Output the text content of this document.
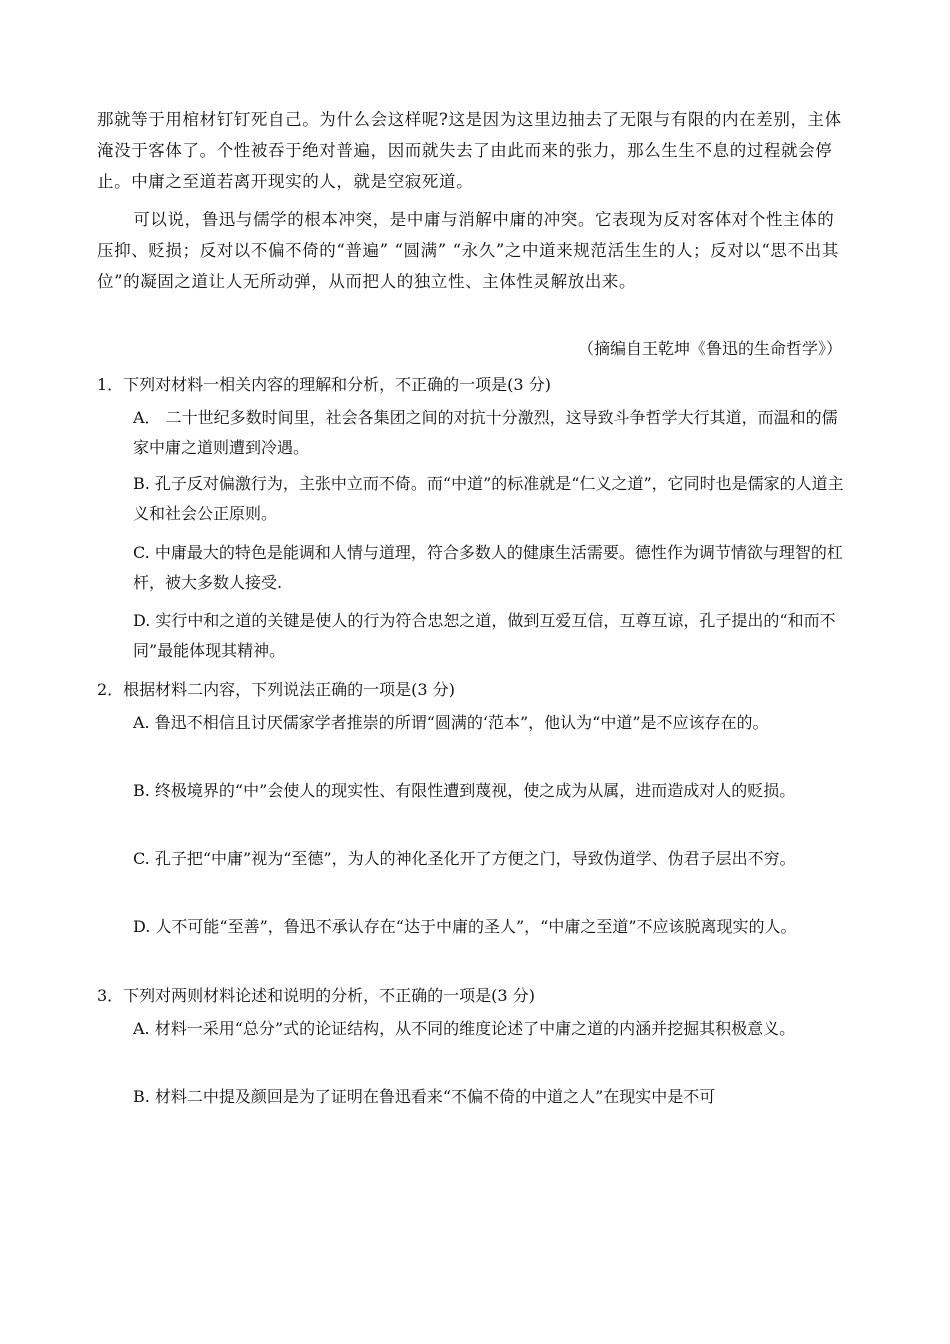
那就等于用棺材钉钉死自己。为什么会这样呢?这是因为这里边抽去了无限与有限的内在差别，主体淹没于客体了。个性被吞于绝对普遍，因而就失去了由此而来的张力，那么生生不息的过程就会停止。中庸之至道若离开现实的人，就是空寂死道。
可以说，鲁迅与儒学的根本冲突，是中庸与消解中庸的冲突。它表现为反对客体对个性主体的压抑、贬损；反对以不偏不倚的“普遍” “圆满” “永久”之中道来规范活生生的人；反对以“思不出其位”的凝固之道让人无所动弹，从而把人的独立性、主体性灵解放出来。
（摘编自王乾坤《鲁迅的生命哲学》）
1．下列对材料一相关内容的理解和分析，不正确的一项是(3 分)
A． 二十世纪多数时间里，社会各集团之间的对抗十分激烈，这导致斗争哲学大行其道，而温和的儒家中庸之道则遭到冷遇。
B. 孔子反对偏激行为，主张中立而不倚。而“中道”的标准就是“仁义之道”，它同时也是儒家的人道主义和社会公正原则。
C. 中庸最大的特色是能调和人情与道理，符合多数人的健康生活需要。德性作为调节情欲与理智的杠杆，被大多数人接受.
D. 实行中和之道的关键是使人的行为符合忠恕之道，做到互爱互信，互尊互谅，孔子提出的“和而不同”最能体现其精神。
2．根据材料二内容，下列说法正确的一项是(3 分)
A. 鲁迅不相信且讨厌儒家学者推崇的所谓“圆满的‘范本”，他认为“中道”是不应该存在的。
B. 终极境界的“中”会使人的现实性、有限性遭到蔑视，使之成为从属，进而造成对人的贬损。
C. 孔子把“中庸”视为“至德”，为人的神化圣化开了方便之门，导致伪道学、伪君子层出不穷。
D. 人不可能“至善”，鲁迅不承认存在“达于中庸的圣人”，“中庸之至道”不应该脱离现实的人。
3．下列对两则材料论述和说明的分析，不正确的一项是(3 分)
A. 材料一采用“总分”式的论证结构，从不同的维度论述了中庸之道的内涵并挖掘其积极意义。
B. 材料二中提及颜回是为了证明在鲁迅看来“不偏不倚的中道之人”在现实中是不可
